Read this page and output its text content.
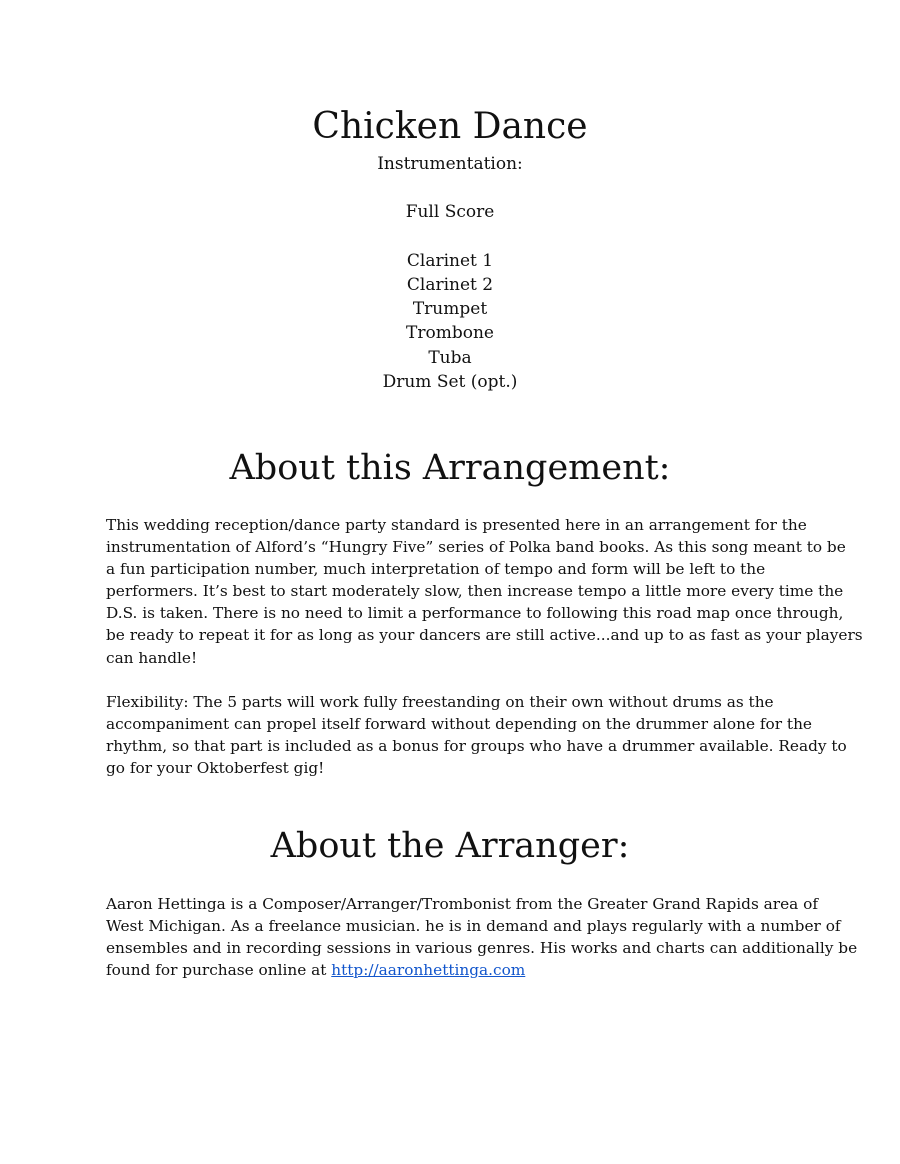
Chicken Dance
Instrumentation:
Full Score
Clarinet 1
Clarinet 2
Trumpet
Trombone
Tuba
Drum Set (opt.)
About this Arrangement:

This wedding reception/dance party standard is presented here in an arrangement for the
instrumentation of Alford’s “Hungry Five” series of Polka band books. As this song meant to be
a fun participation number, much interpretation of tempo and form will be left to the
performers. It’s best to start moderately slow, then increase tempo a little more every time the
D.S. is taken. There is no need to limit a performance to following this road map once through,
be ready to repeat it for as long as your dancers are still active...and up to as fast as your players
can handle!

Flexibility: The 5 parts will work fully freestanding on their own without drums as the
accompaniment can propel itself forward without depending on the drummer alone for the
rhythm, so that part is included as a bonus for groups who have a drummer available. Ready to
go for your Oktoberfest gig!

About the Arranger:

Aaron Hettinga is a Composer/Arranger/Trombonist from the Greater Grand Rapids area of
West Michigan. As a freelance musician. he is in demand and plays regularly with a number of
ensembles and in recording sessions in various genres. His works and charts can additionally be
found for purchase online at http://aaronhettinga.com
